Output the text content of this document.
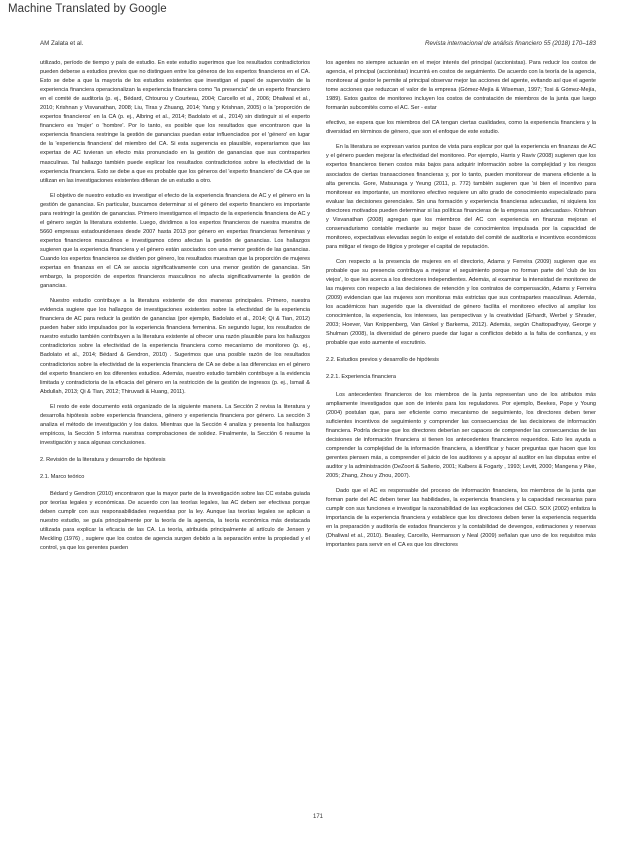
Machine Translated by Google
AM Zalata et al.	Revista internacional de análisis financiero 55 (2018) 170–183

utilizado, período de tiempo y país de estudio. En este estudio sugerimos que los resultados contradictorios pueden deberse a estudios previos que no distinguen entre los géneros de los expertos financieros en el CA. Esto se debe a que la mayoría de los estudios existentes que investigan el papel de supervisión de la experiencia financiera operacionalizan la experiencia financiera como "la presencia" de un experto financiero en el comité de auditoría (p. ej., Bédard, Chtourou y Courteau, 2004; Carcello et al., 2006; Dhaliwal et al., 2010; Krishnan y Visvanathan, 2008; Liu, Tiras y Zhuang, 2014; Yang y Krishnan, 2005) o la 'proporción de expertos financieros' en la CA (p. ej., Albring et al., 2014; Badolato et al., 2014) sin distinguir si el experto financiero es 'mujer' o 'hombre'. Por lo tanto, es posible que los resultados que encontraron que la experiencia financiera restringe la gestión de ganancias puedan estar influenciados por el 'género' en lugar de la 'experiencia financiera' del miembro del CA. Si esta sugerencia es plausible, esperaríamos que las expertas de AC tuvieran un efecto más pronunciado en la gestión de ganancias que sus contrapartes masculinas. Tal hallazgo también puede explicar los resultados contradictorios sobre la efectividad de la experiencia financiera. Esto se debe a que es probable que los géneros del 'experto financiero' de CA que se utilizan en las investigaciones existentes difieran de un estudio a otro.

El objetivo de nuestro estudio es investigar el efecto de la experiencia financiera de AC y el género en la gestión de ganancias. En particular, buscamos determinar si el género del experto financiero es importante para restringir la gestión de ganancias. Primero investigamos el impacto de la experiencia financiera de AC y el género según la literatura existente. Luego, dividimos a los expertos financieros de nuestra muestra de 5660 empresas estadounidenses desde 2007 hasta 2013 por género en expertas financieras femeninas y expertos financieros masculinos e investigamos cómo afectan la gestión de ganancias. Los hallazgos sugieren que la experiencia financiera y el género están asociados con una menor gestión de las ganancias. Cuando los expertos financieros se dividen por género, los resultados muestran que la proporción de mujeres expertas en finanzas en el CA se asocia significativamente con una menor gestión de ganancias. Sin embargo, la proporción de expertos financieros masculinos no afecta significativamente la gestión de ganancias.

Nuestro estudio contribuye a la literatura existente de dos maneras principales. Primero, nuestra evidencia sugiere que los hallazgos de investigaciones existentes sobre la efectividad de la experiencia financiera de AC para reducir la gestión de ganancias (por ejemplo, Badolato et al., 2014; Qi & Tian, 2012) pueden haber sido impulsados por la experiencia financiera femenina. En segundo lugar, los resultados de nuestro estudio también contribuyen a la literatura existente al ofrecer una razón plausible para los hallazgos contradictorios sobre la efectividad de la experiencia financiera como mecanismo de monitoreo (p. ej., Badolato et al., 2014; Bédard & Gendron, 2010) . Sugerimos que una posible razón de los resultados contradictorios sobre la efectividad de la experiencia financiera de CA se debe a las diferencias en el género del experto financiero en los diferentes estudios. Además, nuestro estudio también contribuye a la evidencia limitada y contradictoria de la eficacia del género en la restricción de la gestión de ingresos (p. ej., Ismail & Abdullah, 2013; Qi & Tian, 2012; Thiruvadi & Huang, 2011).

El resto de este documento está organizado de la siguiente manera. La Sección 2 revisa la literatura y desarrolla hipótesis sobre experiencia financiera, género y experiencia financiera por género. La sección 3 analiza el método de investigación y los datos. Mientras que la Sección 4 analiza y presenta los hallazgos empíricos, la Sección 5 informa nuestras comprobaciones de solidez. Finalmente, la Sección 6 resume la investigación y saca algunas conclusiones.

2. Revisión de la literatura y desarrollo de hipótesis

2.1. Marco teórico

Bédard y Gendron (2010) encontraron que la mayor parte de la investigación sobre las CC estaba guiada por teorías legales y económicas. De acuerdo con las teorías legales, las AC deben ser efectivas porque deben cumplir con sus responsabilidades requeridas por la ley. Aunque las teorías legales se aplican a nuestro estudio, se guía principalmente por la teoría de la agencia, la teoría económica más destacada utilizada para explicar la eficacia de las CA. La teoría, atribuida principalmente al artículo de Jensen y Meckling (1976) , sugiere que los costos de agencia surgen debido a la separación entre la propiedad y el control, ya que los gerentes pueden

los agentes no siempre actuarán en el mejor interés del principal (accionistas). Para reducir los costos de agencia, el principal (accionistas) incurrirá en costos de seguimiento. De acuerdo con la teoría de la agencia, monitorear al gestor le permite al principal observar mejor las acciones del agente, evitando así que el agente tome acciones que reduzcan el valor de la empresa (Gómez-Mejía & Wiseman, 1997; Tosi & Gómez-Mejía, 1989). Estos gastos de monitoreo incluyen los costos de contratación de miembros de la junta que luego formarán subcomités como el AC. Ser - estar

efectivo, se espera que los miembros del CA tengan ciertas cualidades, como la experiencia financiera y la diversidad en términos de género, que son el enfoque de este estudio.

En la literatura se expresan varios puntos de vista para explicar por qué la experiencia en finanzas de AC y el género pueden mejorar la efectividad del monitoreo. Por ejemplo, Harris y Raviv (2008) sugieren que los expertos financieros tienen costos más bajos para adquirir información sobre la complejidad y los riesgos asociados de ciertas transacciones financieras y, por lo tanto, pueden monitorear de manera eficiente a la alta gerencia. Gore, Matsunaga y Yeung (2011, p. 772) también sugieren que 'si bien el incentivo para monitorear es importante, un monitoreo efectivo requiere un alto grado de conocimiento especializado para evaluar las decisiones gerenciales. Sin una formación y experiencia financieras adecuadas, ni siquiera los directores motivados pueden determinar si las políticas financieras de la empresa son adecuadas». Krishnan y Visvanathan (2008) agregan que los miembros del AC con experiencia en finanzas mejoran el conservadurismo contable mediante su mejor base de conocimientos impulsada por la capacidad de monitoreo, expectativas elevadas según lo exige el estatuto del comité de auditoría e incentivos económicos para mitigar el riesgo de litigios y proteger el capital de reputación.

Con respecto a la presencia de mujeres en el directorio, Adams y Ferreira (2009) sugieren que es probable que su presencia contribuya a mejorar el seguimiento porque no forman parte del 'club de los viejos', lo que les acerca a los directores independientes. Además, al examinar la intensidad de monitoreo de las mujeres con respecto a las decisiones de retención y los contratos de compensación, Adams y Ferreira (2009) evidencian que las mujeres son monitoras más estrictas que sus contrapartes masculinas. Además, los académicos han sugerido que la diversidad de género facilita el monitoreo efectivo al ampliar los conocimientos, la experiencia, los intereses, las perspectivas y la creatividad (Erhardt, Werbel y Shrader, 2003; Hoever, Van Knippenberg, Van Ginkel y Barkema, 2012). Además, según Chattopadhyay, George y Shulman (2008), la diversidad de género puede dar lugar a conflictos debido a la falta de confianza, y es probable que esto aumente el escrutinio.

2.2. Estudios previos y desarrollo de hipótesis

2.2.1. Experiencia financiera

Los antecedentes financieros de los miembros de la junta representan uno de los atributos más ampliamente investigados que son de interés para los reguladores. Por ejemplo, Beekes, Pope y Young (2004) postulan que, para ser eficiente como mecanismo de seguimiento, los directores deben tener suficientes incentivos de seguimiento y comprender las consecuencias de las decisiones de información financiera. Podría decirse que los directores deberían ser capaces de comprender las consecuencias de las decisiones de información financiera si tienen los antecedentes financieros requeridos. Esto les ayuda a comprender la complejidad de la información financiera, a identificar y hacer preguntas que hacen que los gerentes piensen más, a comprender el juicio de los auditores y a apoyar al auditor en las disputas entre el auditor y la administración (DeZoort & Salterio, 2001; Kalbers & Fogarty , 1993; Levitt, 2000; Mangena y Pike, 2005; Zhang, Zhou y Zhou, 2007).

Dado que el AC es responsable del proceso de información financiera, los miembros de la junta que forman parte del AC deben tener las habilidades, la experiencia financiera y la capacidad necesarias para cumplir con sus funciones e investigar la razonabilidad de las explicaciones del CEO. SOX (2002) enfatiza la importancia de la experiencia financiera y establece que los directores deben tener la experiencia requerida en la preparación y auditoría de estados financieros y la contabilidad de devengos, estimaciones y reservas (Dhaliwal et al., 2010). Beasley, Carcello, Hermanson y Neal (2009) señalan que uno de los requisitos más importantes para servir en el CA es que los directores

171
